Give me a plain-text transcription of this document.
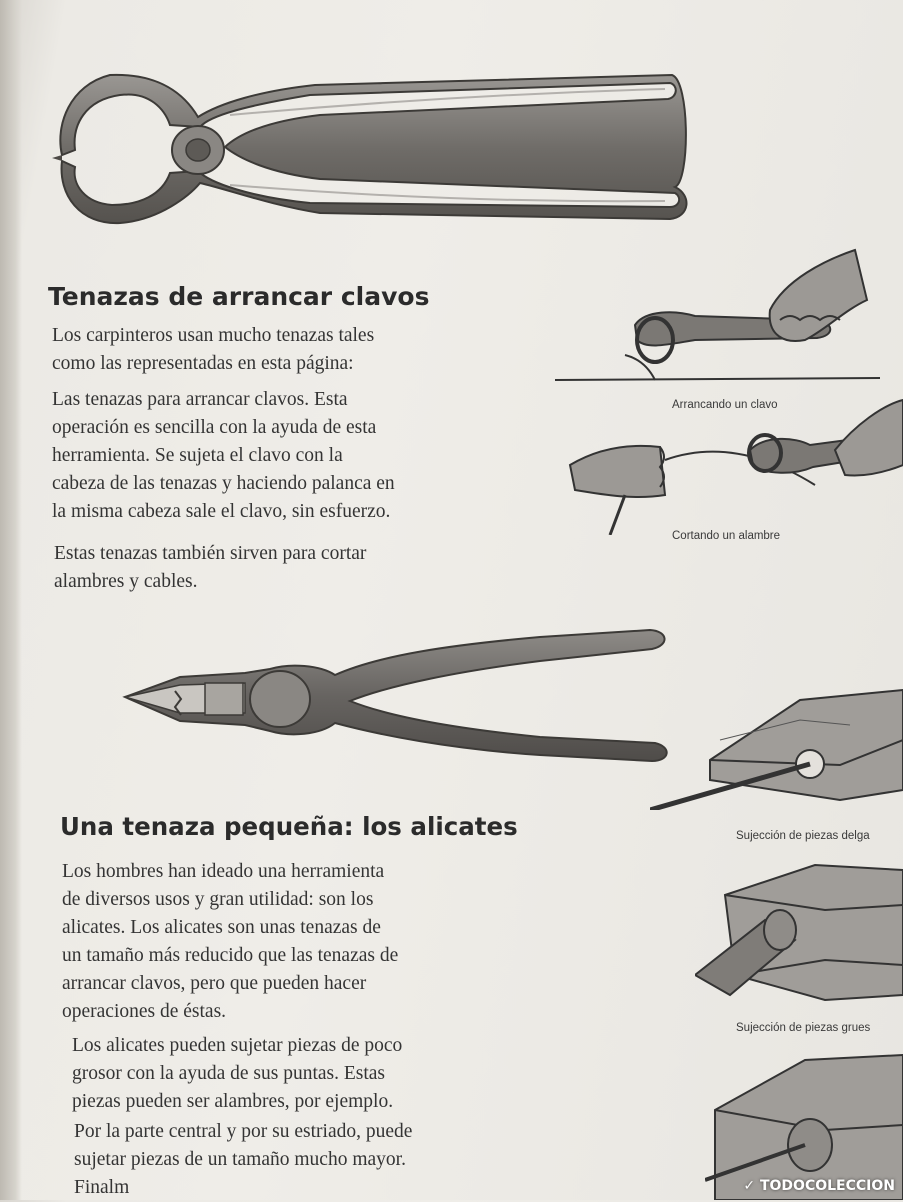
Tenazas de arrancar clavos

Los carpinteros usan mucho tenazas tales
como las representadas en esta página:

Las tenazas para arrancar clavos. Esta
operación es sencilla con la ayuda de esta
herramienta. Se sujeta el clavo con la
cabeza de las tenazas y haciendo palanca en
la misma cabeza sale el clavo, sin esfuerzo.

Estas tenazas también sirven para cortar
alambres y cables.

Arrancando un clavo

Cortando un alambre

Sujección de piezas delga

Una tenaza pequeña: los alicates

Los hombres han ideado una herramienta
de diversos usos y gran utilidad: son los
alicates. Los alicates son unas tenazas de
un tamaño más reducido que las tenazas de
arrancar clavos, pero que pueden hacer
operaciones de éstas.

Los alicates pueden sujetar piezas de poco
grosor con la ayuda de sus puntas. Estas
piezas pueden ser alambres, por ejemplo.

Por la parte central y por su estriado, puede
sujetar piezas de un tamaño mucho mayor.
Finalm

Sujección de piezas grues

✓ TODOCOLECCION
